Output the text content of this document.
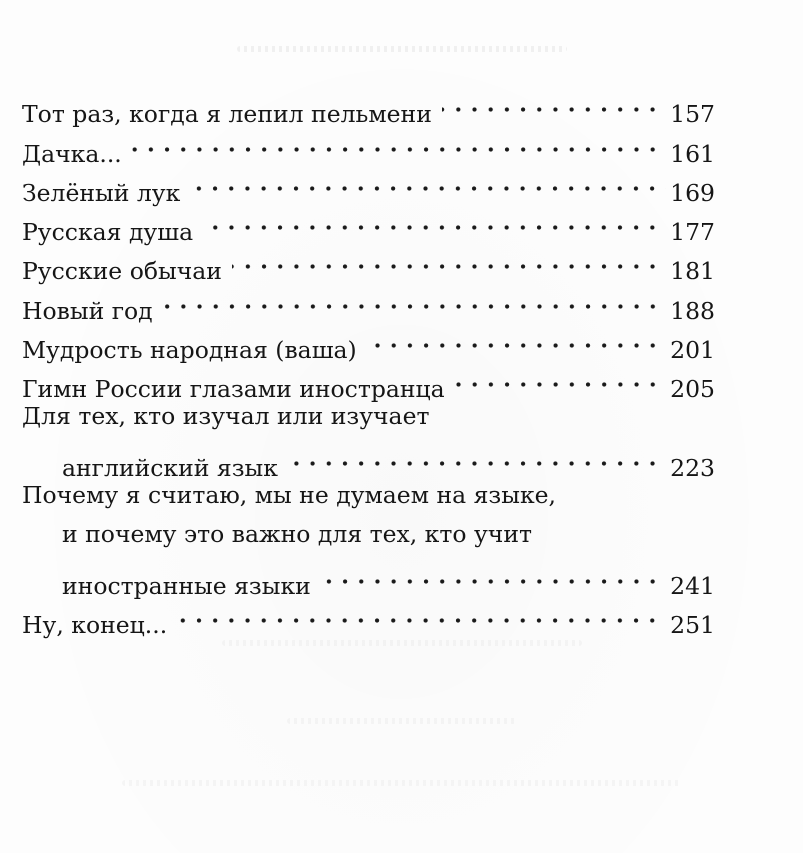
Тот раз, когда я лепил пельмени	157
Дачка...	161
Зелёный лук	169
Русская душа	177
Русские обычаи	181
Новый год	188
Мудрость народная (ваша)	201
Гимн России глазами иностранца	205
Для тех, кто изучал или изучает
английский язык	223
Почему я считаю, мы не думаем на языке,
и почему это важно для тех, кто учит
иностранные языки	241
Ну, конец...	251
